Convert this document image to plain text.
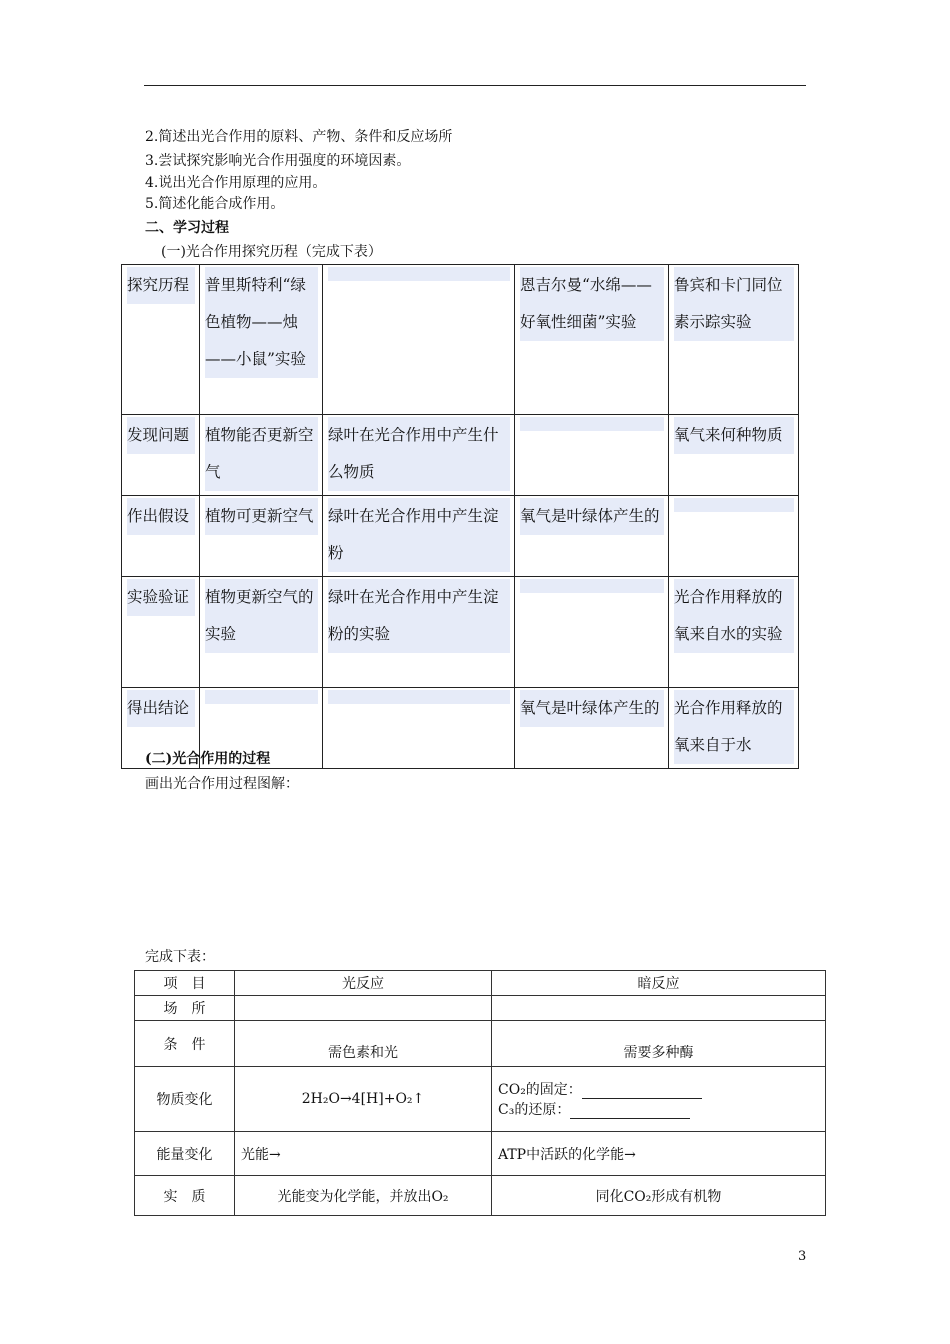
2.简述出光合作用的原料、产物、条件和反应场所
3.尝试探究影响光合作用强度的环境因素。
4.说出光合作用原理的应用。
5.简述化能合成作用。
二、学习过程
(一)光合作用探究历程（完成下表）
探究历程	普里斯特利“绿色植物——烛——小鼠”实验		恩吉尔曼“水绵——好氧性细菌”实验	鲁宾和卡门同位素示踪实验

发现问题	植物能否更新空气	绿叶在光合作用中产生什么物质		氧气来何种物质

作出假设	植物可更新空气	绿叶在光合作用中产生淀粉	氧气是叶绿体产生的	

实验验证	植物更新空气的实验	绿叶在光合作用中产生淀粉的实验		光合作用释放的氧来自水的实验

得出结论			氧气是叶绿体产生的	光合作用释放的氧来自于水
(二)光合作用的过程
画出光合作用过程图解：
完成下表：
项　目	光反应	暗反应
场　所		
条　件	需色素和光	需要多种酶
物质变化	2H₂O→4[H]+O₂↑	CO₂的固定：
C₃的还原：

能量变化	光能→	ATP中活跃的化学能→
实　质	光能变为化学能，并放出O₂	同化CO₂形成有机物
3
